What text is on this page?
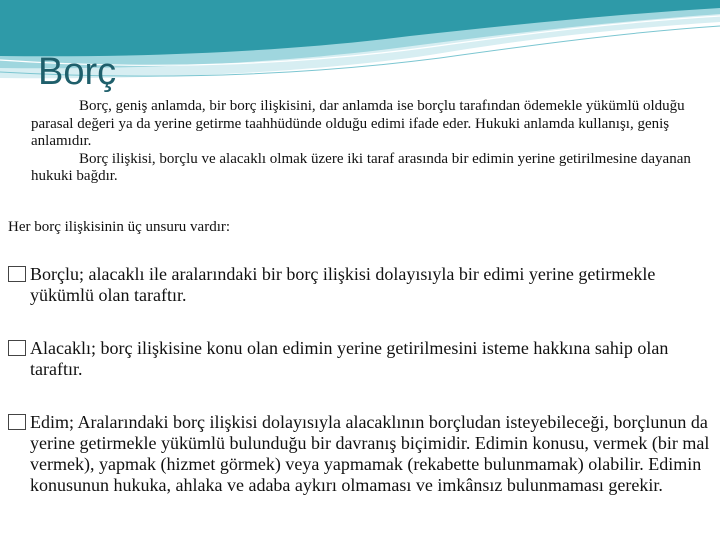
Borç

Borç, geniş anlamda, bir borç ilişkisini, dar anlamda ise borçlu tarafından ödemekle yükümlü olduğu parasal değeri ya da yerine getirme taahhüdünde olduğu edimi ifade eder. Hukuki anlamda kullanışı, geniş anlamıdır.

Borç ilişkisi, borçlu ve alacaklı olmak üzere iki taraf arasında bir edimin yerine getirilmesine dayanan hukuki bağdır.

Her borç ilişkisinin üç unsuru vardır:
Borçlu; alacaklı ile aralarındaki bir borç ilişkisi dolayısıyla bir edimi yerine getirmekle yükümlü olan taraftır.
Alacaklı; borç ilişkisine konu olan edimin yerine getirilmesini isteme hakkına sahip olan taraftır.
Edim; Aralarındaki borç ilişkisi dolayısıyla alacaklının borçludan isteyebileceği, borçlunun da yerine getirmekle yükümlü bulunduğu bir davranış biçimidir. Edimin konusu, vermek (bir mal vermek), yapmak (hizmet görmek) veya yapmamak (rekabette bulunmamak) olabilir. Edimin konusunun hukuka, ahlaka ve adaba aykırı olmaması ve imkânsız bulunmaması gerekir.
